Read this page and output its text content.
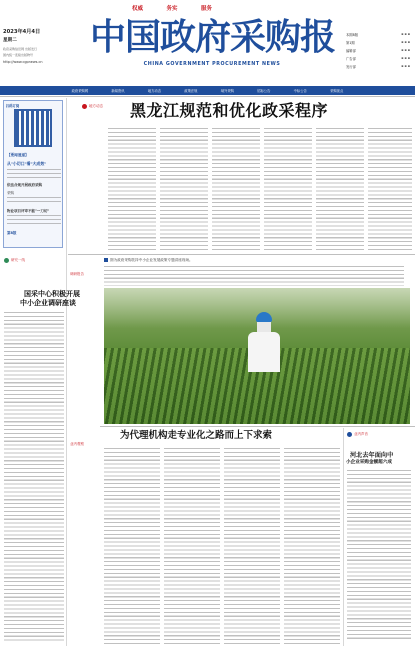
2023年4月4日
星期二
政府采购信息网 出版发行
国内统一连续出版物号
http://www.cgpnews.cn
权威	务实	服务
中国政府采购报
CHINA GOVERNMENT PROCUREMENT NEWS
本期8版	▪ ▪ ▪
第1期	▪ ▪ ▪
编辑部	▪ ▪ ▪
广告部	▪ ▪ ▪
发行部	▪ ▪ ▪
政府采购网	新闻资讯	地方动态	政策法规	域外采购	招标公告	中标公告	采购视点
扫码订阅
【要闻速递】
从"小切口"看"大成效"
依法合规开展政府采购
采购
物业项目评审不能"一刀切"
第8版
地方动态 黑龙江规范和优化政采程序
研究一线
国采中心积极开展
中小企业调研座谈
调研报告
图为政府采购扶持中小企业发展政策专题讲座现场。
业内观察
为代理机构走专业化之路而上下求索	业内声音
河北去年面向中
小企业采购金额超六成
